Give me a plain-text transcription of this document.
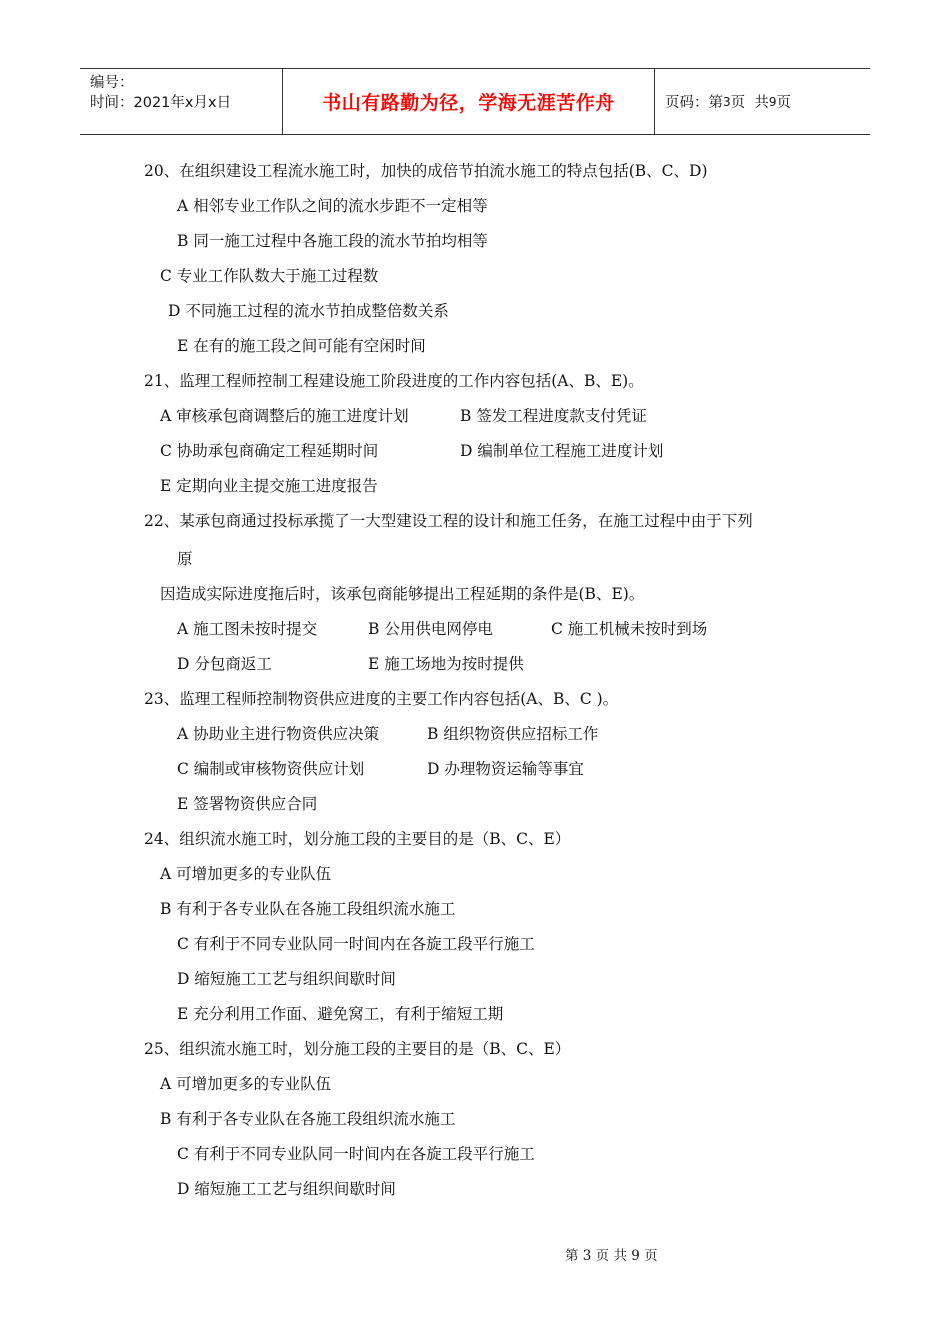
编号：
时间：2021年x月x日	书山有路勤为径，学海无涯苦作舟	页码：第 3 页  共 9 页
20、在组织建设工程流水施工时，加快的成倍节拍流水施工的特点包括(B、C、D)
A 相邻专业工作队之间的流水步距不一定相等
B 同一施工过程中各施工段的流水节拍均相等
C 专业工作队数大于施工过程数
D 不同施工过程的流水节拍成整倍数关系
E 在有的施工段之间可能有空闲时间
21、监理工程师控制工程建设施工阶段进度的工作内容包括(A、B、E)。
A 审核承包商调整后的施工进度计划	B 签发工程进度款支付凭证
C 协助承包商确定工程延期时间	D 编制单位工程施工进度计划
E 定期向业主提交施工进度报告
22、某承包商通过投标承揽了一大型建设工程的设计和施工任务，在施工过程中由于下列
原
因造成实际进度拖后时，该承包商能够提出工程延期的条件是(B、E)。
A 施工图未按时提交	B 公用供电网停电	C 施工机械未按时到场
D 分包商返工	E 施工场地为按时提供
23、监理工程师控制物资供应进度的主要工作内容包括(A、B、C )。
A 协助业主进行物资供应决策	B 组织物资供应招标工作
C 编制或审核物资供应计划	D 办理物资运输等事宜
E 签署物资供应合同
24、组织流水施工时，划分施工段的主要目的是（B、C、E）
A 可增加更多的专业队伍
B 有利于各专业队在各施工段组织流水施工
C 有利于不同专业队同一时间内在各旋工段平行施工
D 缩短施工工艺与组织间歇时间
E 充分利用工作面、避免窝工，有利于缩短工期
25、组织流水施工时，划分施工段的主要目的是（B、C、E）
A 可增加更多的专业队伍
B 有利于各专业队在各施工段组织流水施工
C 有利于不同专业队同一时间内在各旋工段平行施工
D 缩短施工工艺与组织间歇时间
第 3 页 共 9 页
